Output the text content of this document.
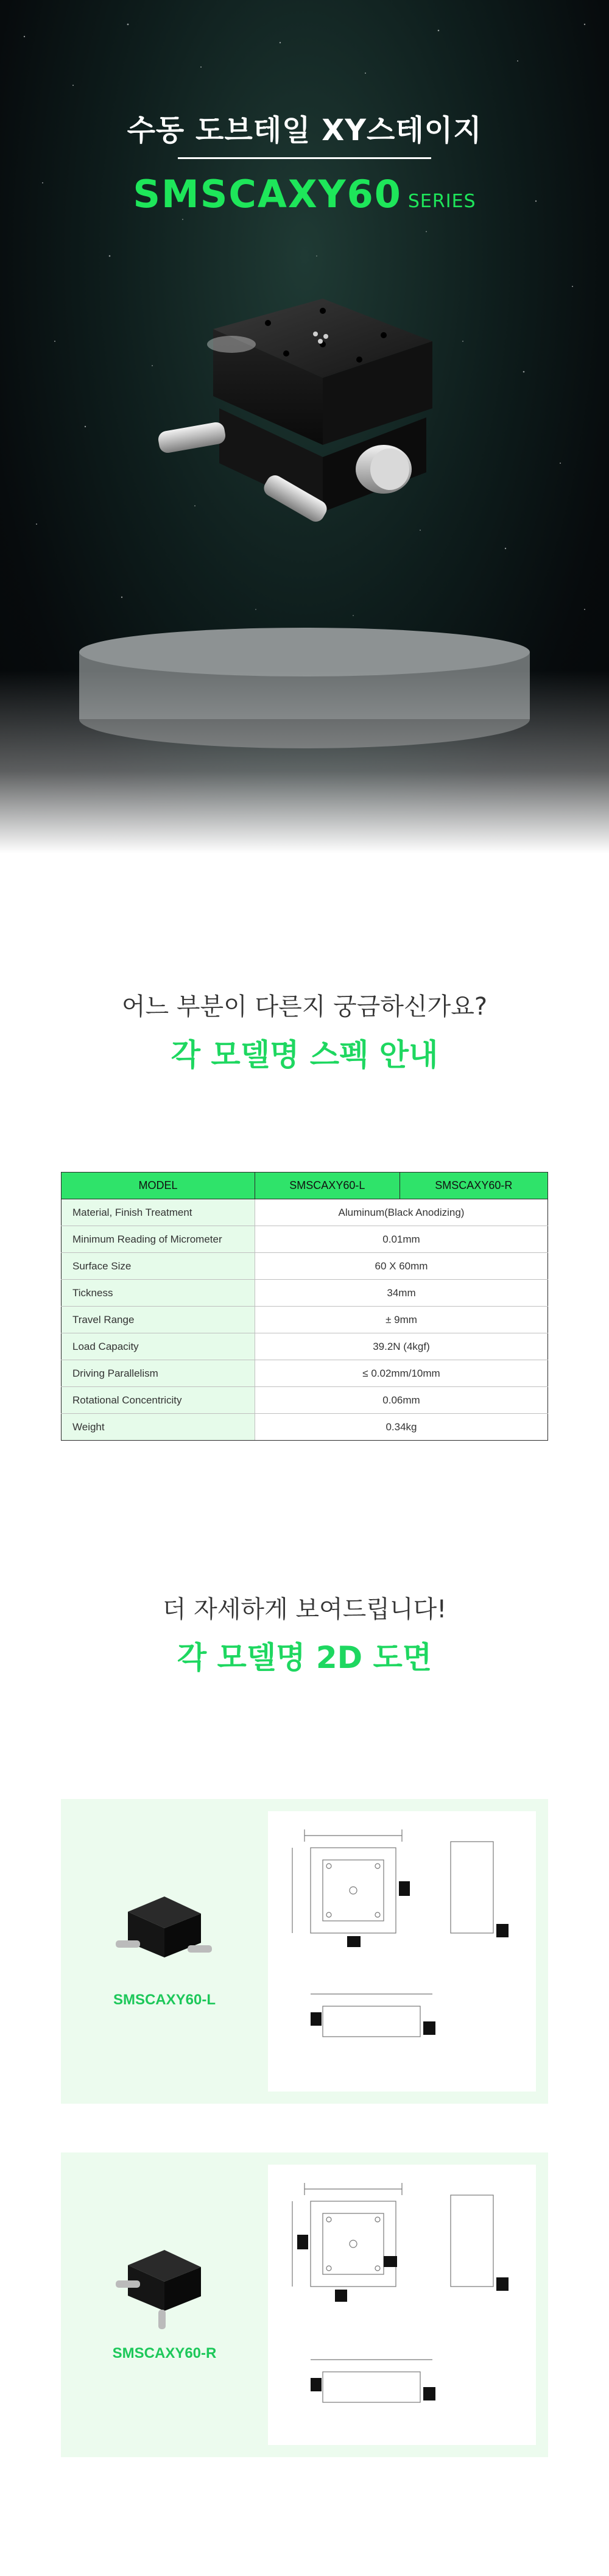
수동 도브테일 XY스테이지
SMSCAXY60 SERIES
어느 부분이 다른지 궁금하신가요?
각 모델명 스펙 안내
MODEL	SMSCAXY60-L	SMSCAXY60-R
Material, Finish Treatment	Aluminum(Black Anodizing)	
Minimum Reading of Micrometer	0.01mm	
Surface Size	60 X 60mm	
Tickness	34mm	
Travel Range	± 9mm	
Load Capacity	39.2N (4kgf)	
Driving Parallelism	≤ 0.02mm/10mm	
Rotational Concentricity	0.06mm	
Weight	0.34kg	
더 자세하게 보여드립니다!
각 모델명 2D 도면
SMSCAXY60-L
SMSCAXY60-R
